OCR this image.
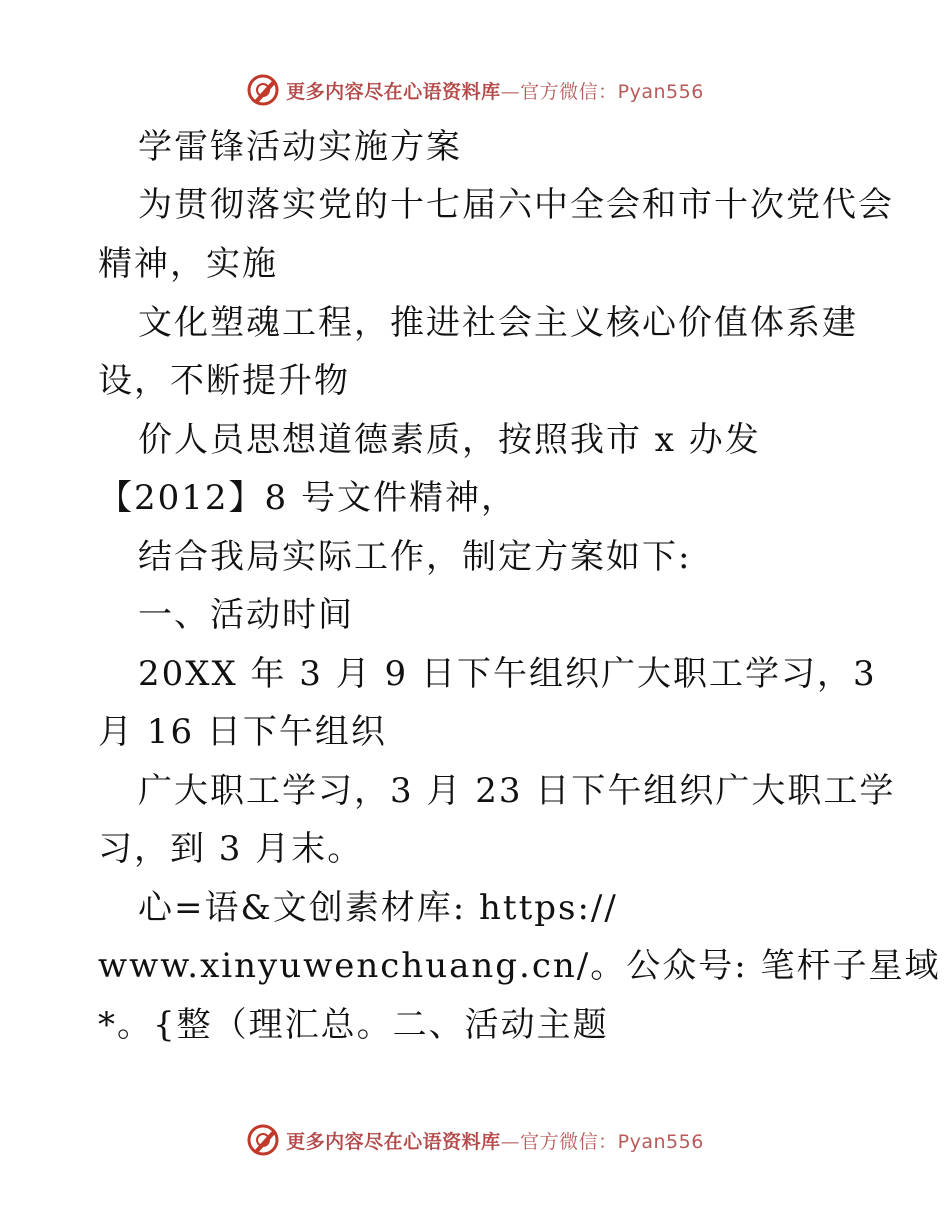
更多内容尽在心语资料库—官方微信：Pyan556
学雷锋活动实施方案
为贯彻落实党的十七届六中全会和市十次党代会
精神，实施
文化塑魂工程，推进社会主义核心价值体系建
设，不断提升物
价人员思想道德素质，按照我市 x 办发
【2012】8 号文件精神，
结合我局实际工作，制定方案如下:
一、活动时间
20XX 年 3 月 9 日下午组织广大职工学习，3
月 16 日下午组织
广大职工学习，3 月 23 日下午组织广大职工学
习，到 3 月末。
心=语&文创素材库: https://
www.xinyuwenchuang.cn/。公众号: 笔杆子星域
*。{整（理汇总。二、活动主题
更多内容尽在心语资料库—官方微信：Pyan556
